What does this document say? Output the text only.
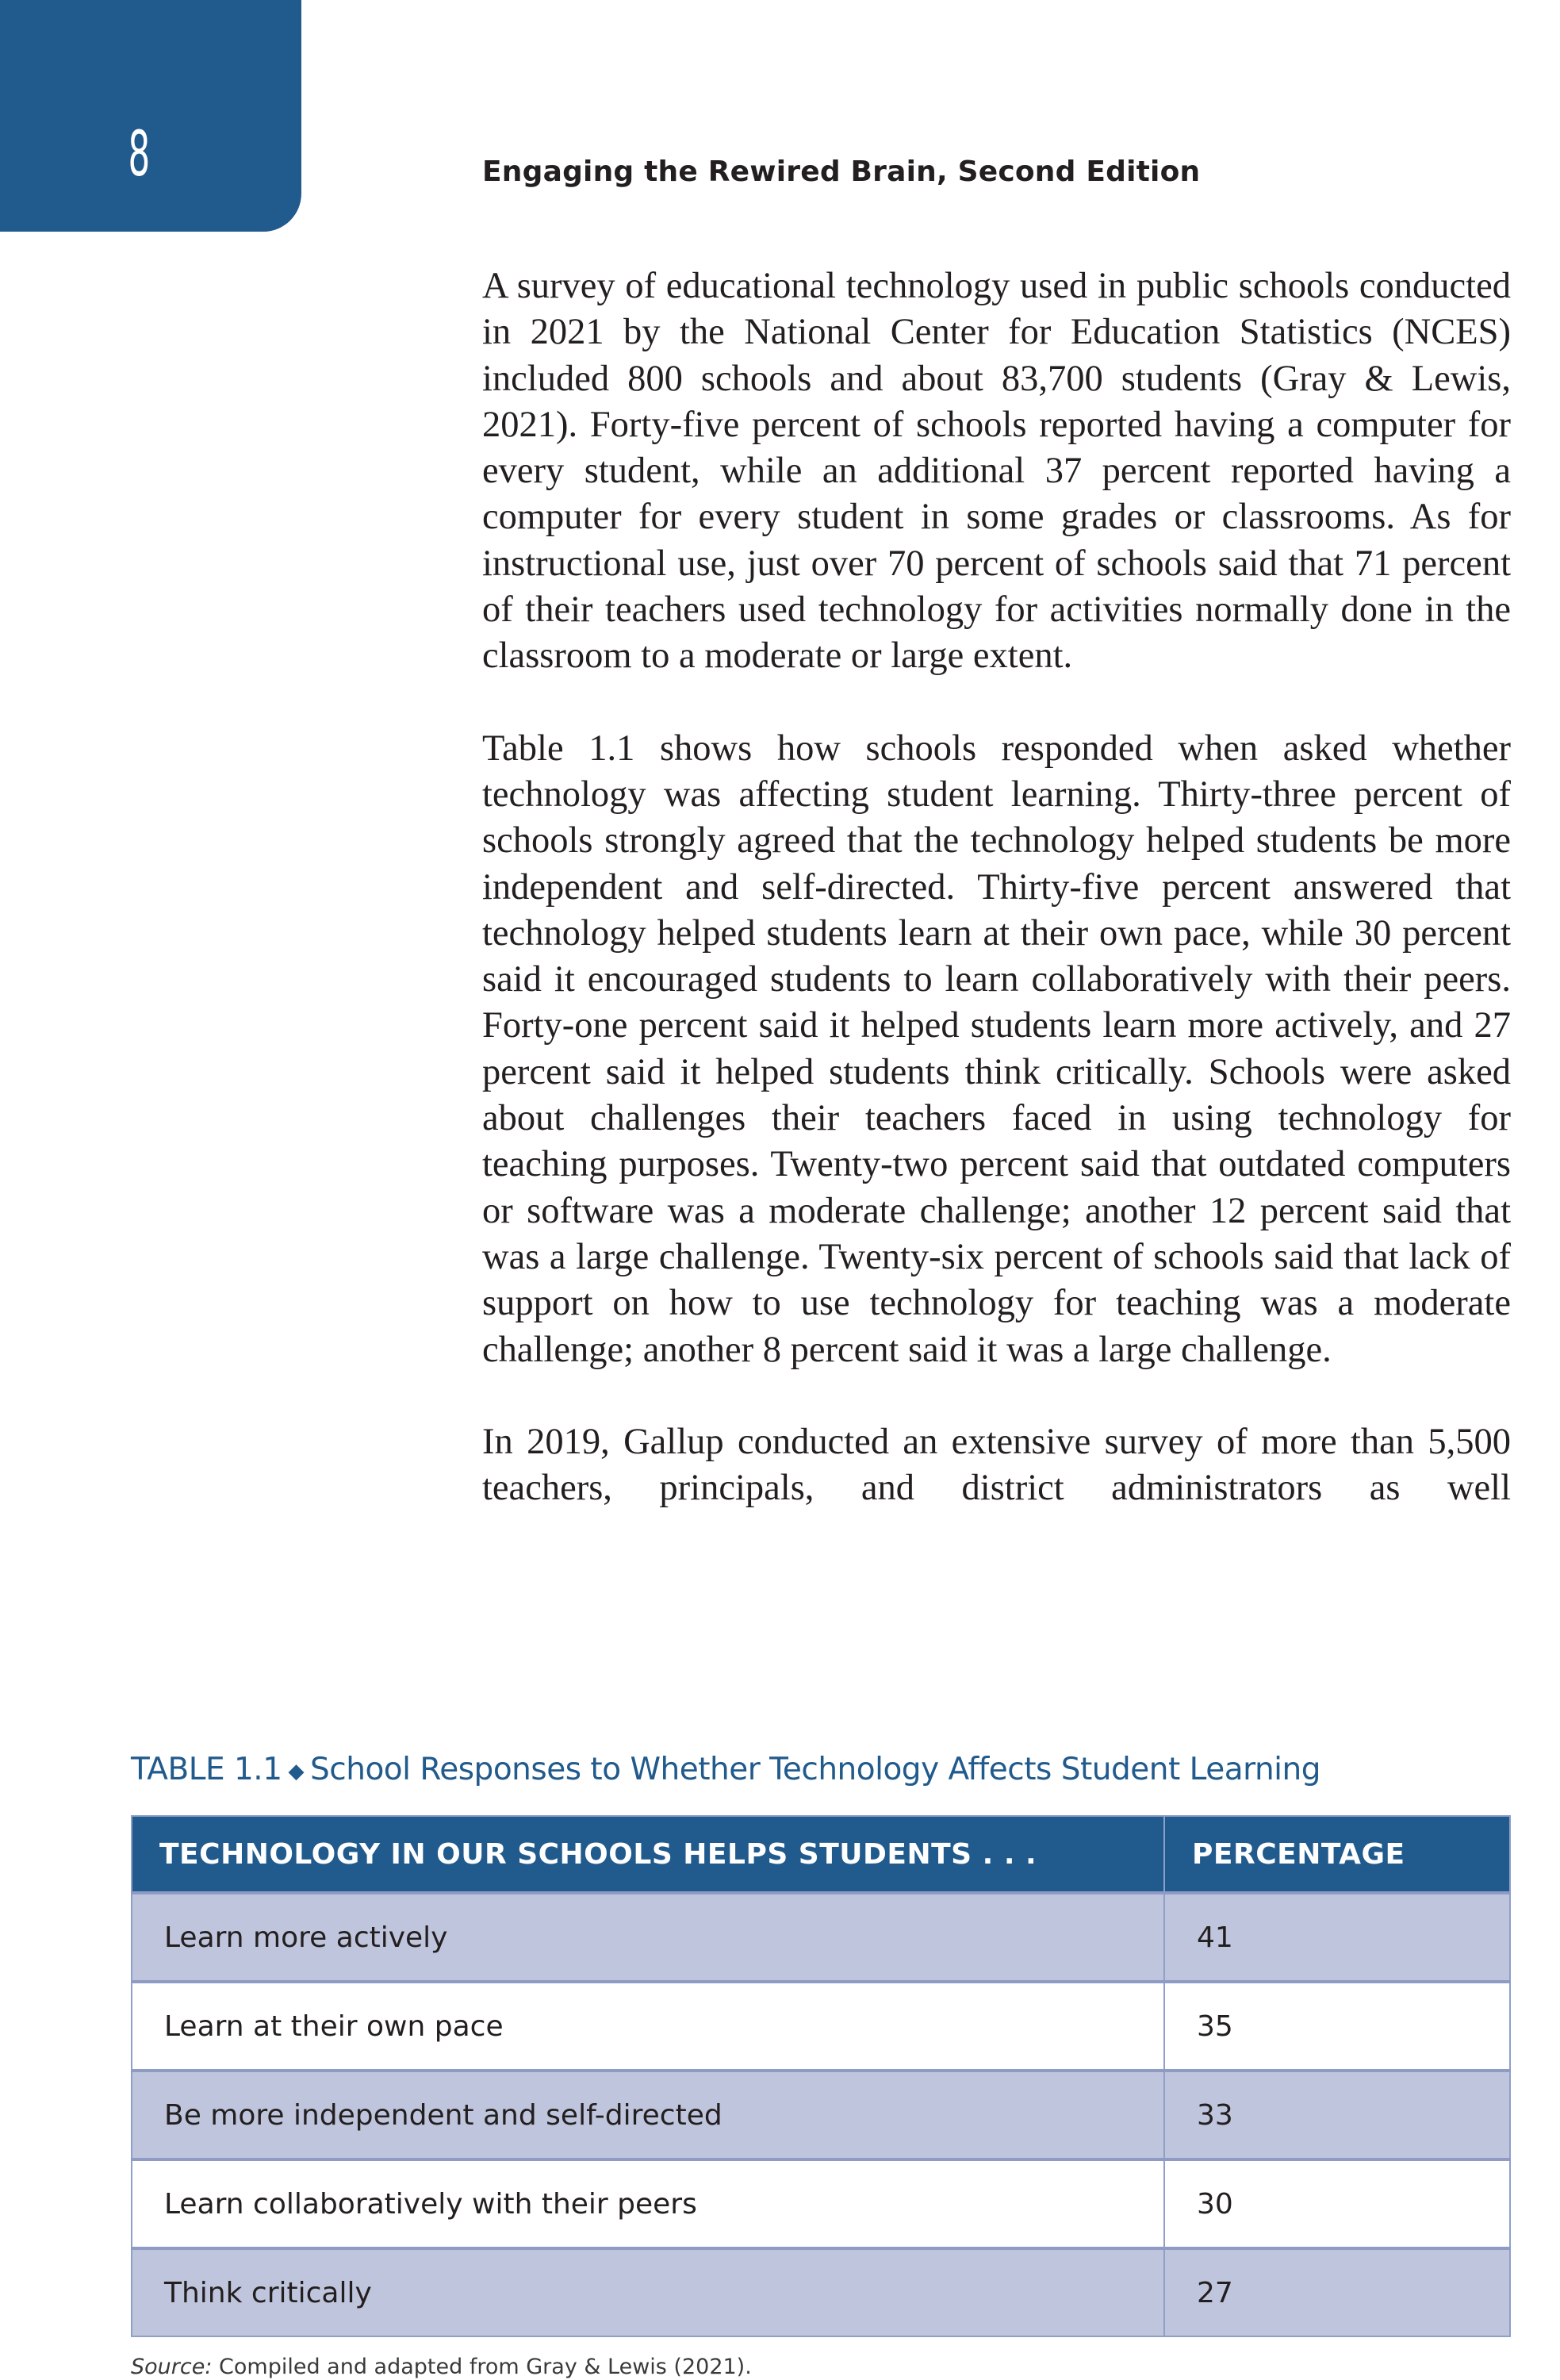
8	Engaging the Rewired Brain, Second Edition

A survey of educational technology used in public schools conducted in 2021 by the National Center for Education Statistics (NCES) included 800 schools and about 83,700 students (Gray & Lewis, 2021). Forty-five percent of schools reported having a computer for every student, while an additional 37 percent reported having a computer for every student in some grades or classrooms. As for instructional use, just over 70 percent of schools said that 71 percent of their teachers used technology for activities normally done in the classroom to a moderate or large extent.

Table 1.1 shows how schools responded when asked whether technology was affecting student learning. Thirty-three percent of schools strongly agreed that the technology helped students be more independent and self-directed. Thirty-five percent answered that technology helped students learn at their own pace, while 30 percent said it encouraged students to learn collaboratively with their peers. Forty-one percent said it helped students learn more actively, and 27 percent said it helped students think critically. Schools were asked about challenges their teachers faced in using technology for teaching purposes. Twenty-two percent said that outdated computers or software was a moderate challenge; another 12 percent said that was a large challenge. Twenty-six percent of schools said that lack of support on how to use technology for teaching was a moderate challenge; another 8 percent said it was a large challenge.

In 2019, Gallup conducted an extensive survey of more than 5,500 teachers, principals, and district administrators as well

TABLE 1.1 ◆ School Responses to Whether Technology Affects Student Learning
TECHNOLOGY IN OUR SCHOOLS HELPS STUDENTS . . .	PERCENTAGE
Learn more actively	41
Learn at their own pace	35
Be more independent and self-directed	33
Learn collaboratively with their peers	30
Think critically	27
Source: Compiled and adapted from Gray & Lewis (2021).
